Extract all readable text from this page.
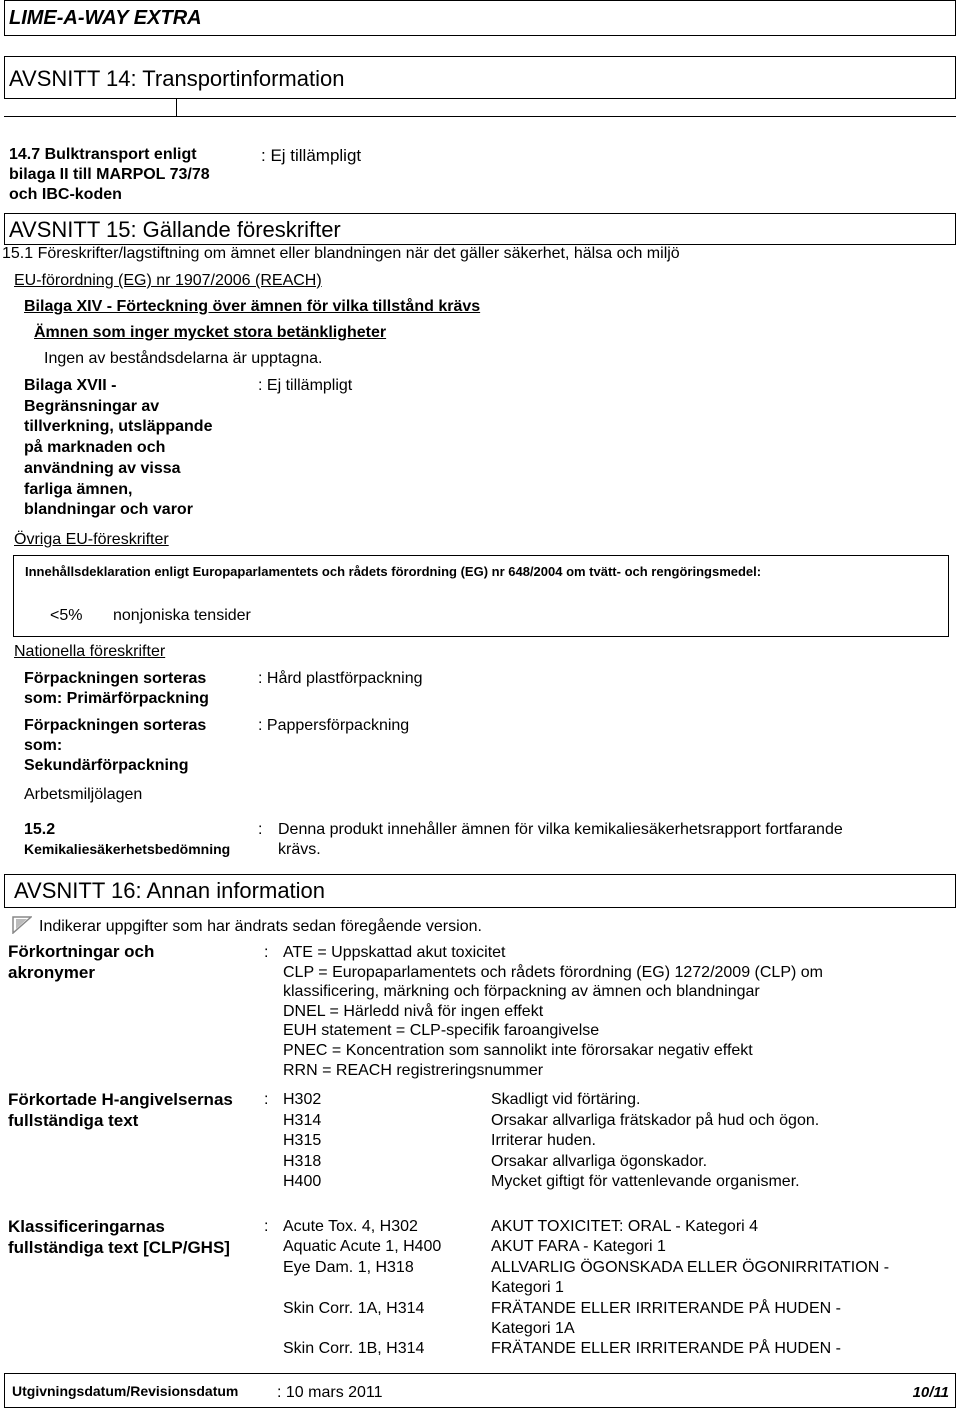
LIME-A-WAY EXTRA
AVSNITT 14: Transportinformation
14.7 Bulktransport enligt
bilaga II till MARPOL 73/78
och IBC-koden
: Ej tillämpligt
AVSNITT 15: Gällande föreskrifter
15.1 Föreskrifter/lagstiftning om ämnet eller blandningen när det gäller säkerhet, hälsa och miljö
EU-förordning (EG) nr 1907/2006 (REACH)
Bilaga XIV - Förteckning över ämnen för vilka tillstånd krävs
Ämnen som inger mycket stora betänkligheter
Ingen av beståndsdelarna är upptagna.
Bilaga XVII -
Begränsningar av
tillverkning, utsläppande
på marknaden och
användning av vissa
farliga ämnen,
blandningar och varor
: Ej tillämpligt
Övriga EU-föreskrifter
Innehållsdeklaration enligt Europaparlamentets och rådets förordning (EG) nr 648/2004 om tvätt- och rengöringsmedel:
<5% nonjoniska tensider
Nationella föreskrifter
Förpackningen sorteras
som: Primärförpackning
: Hård plastförpackning
Förpackningen sorteras
som:
Sekundärförpackning
: Pappersförpackning
Arbetsmiljölagen
15.2
Kemikaliesäkerhetsbedömning
: Denna produkt innehåller ämnen för vilka kemikaliesäkerhetsrapport fortfarande
krävs.
AVSNITT 16: Annan information
Indikerar uppgifter som har ändrats sedan föregående version.
Förkortningar och
akronymer
: ATE = Uppskattad akut toxicitet
CLP = Europaparlamentets och rådets förordning (EG) 1272/2009 (CLP) om
klassificering, märkning och förpackning av ämnen och blandningar
DNEL = Härledd nivå för ingen effekt
EUH statement = CLP-specifik faroangivelse
PNEC = Koncentration som sannolikt inte förorsakar negativ effekt
RRN = REACH registreringsnummer
Förkortade H-angivelsernas
fullständiga text
: H302	Skadligt vid förtäring.
H314	Orsakar allvarliga frätskador på hud och ögon.
H315	Irriterar huden.
H318	Orsakar allvarliga ögonskador.
H400	Mycket giftigt för vattenlevande organismer.
Klassificeringarnas
fullständiga text [CLP/GHS]
: Acute Tox. 4, H302	AKUT TOXICITET: ORAL - Kategori 4
Aquatic Acute 1, H400	AKUT FARA - Kategori 1
Eye Dam. 1, H318	ALLVARLIG ÖGONSKADA ELLER ÖGONIRRITATION -
Kategori 1
Skin Corr. 1A, H314	FRÄTANDE ELLER IRRITERANDE PÅ HUDEN -
Kategori 1A
Skin Corr. 1B, H314	FRÄTANDE ELLER IRRITERANDE PÅ HUDEN -
Utgivningsdatum/Revisionsdatum : 10 mars 2011	10/11
